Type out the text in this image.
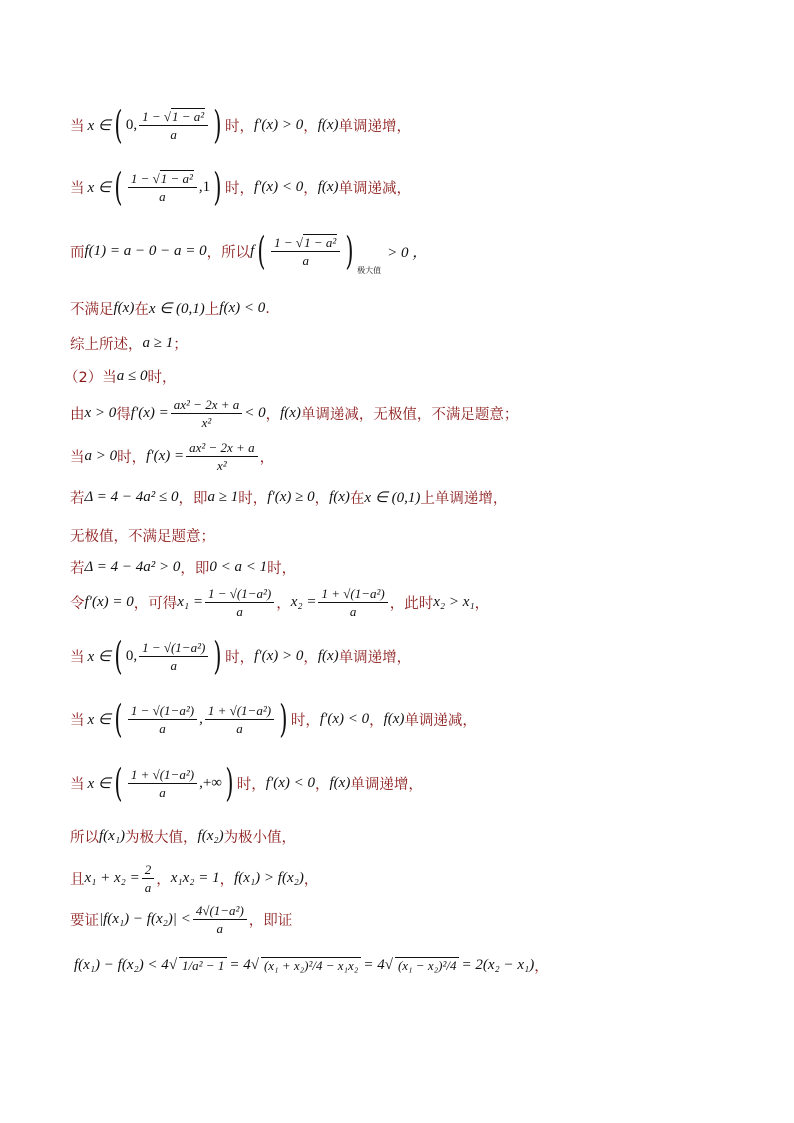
当 x ∈ ( 0, $\frac{\text{1 − √1 − a²}}{a}$ ) 时， f′(x) > 0 ， f(x) 单调递增，
当 x ∈ ( $\frac{\text{1 − √1 − a²}}{a} ,1$ ) 时， f′(x) < 0 ， f(x) 单调递减，
而 f(1) = a − 0 − a = 0 ，所以 f ( $\frac{\text{1 − √1 − a²}}{a}$ ) 极大值
> 0 ，
不满足 f(x) 在 x ∈ (0,1) 上 f(x) < 0 .
综上所述， a ≥ 1 ；
（2）当 a ≤ 0 时，
由 x > 0 得 $f'(x) = \frac{\text{ax² − 2x + a}}{\text{x²}} < 0$ ， f(x) 单调递减，无极值，不满足题意；
当 a > 0 时， $f'(x) = \frac{\text{ax² − 2x + a}}{\text{x²}}$ ，
若 Δ = 4 − 4a² ≤ 0 ，即 a ≥ 1 时， f′(x) ≥ 0 ， f(x) 在 x ∈ (0,1) 上单调递增，
无极值，不满足题意；
若 Δ = 4 − 4a² > 0 ，即 0 < a < 1 时，
令 f′(x) = 0 ，可得 $x_1 = \frac{\text{1 − √(1−a²)}}{a}$ ， $x_2 = \frac{\text{1 + √(1−a²)}}{a}$ ，此时 x₂ > x₁ ，
当 x ∈ ( 0, $\frac{\text{1 − √(1−a²)}}{a}$ ) 时， f′(x) > 0 ， f(x) 单调递增，
当 x ∈ ( $\frac{\text{1 − √(1−a²)}}{a}$ , $\frac{\text{1 + √(1−a²)}}{a}$ ) 时， f′(x) < 0 ， f(x) 单调递减，
当 x ∈ ( $\frac{\text{1 + √(1−a²)}}{a}$ ,+∞ ) 时， f′(x) < 0 ， f(x) 单调递增，
所以 f(x₁) 为极大值， f(x₂) 为极小值，
且 $x_1 + x_2 = \frac{2}{a}$ ， x₁x₂ = 1 ， f(x₁) > f(x₂) ，
要证 $|f(x_1) - f(x_2)| < \frac{\text{4√(1−a²)}}{a}$ ，即证
f(x₁) − f(x₂) < 4 √ 1/a² − 1 = 4 √ (x₁ + x₂)²/4 − x₁x₂ = 4 √ (x₁ − x₂)²/4 = 2(x₂ − x₁) ，
